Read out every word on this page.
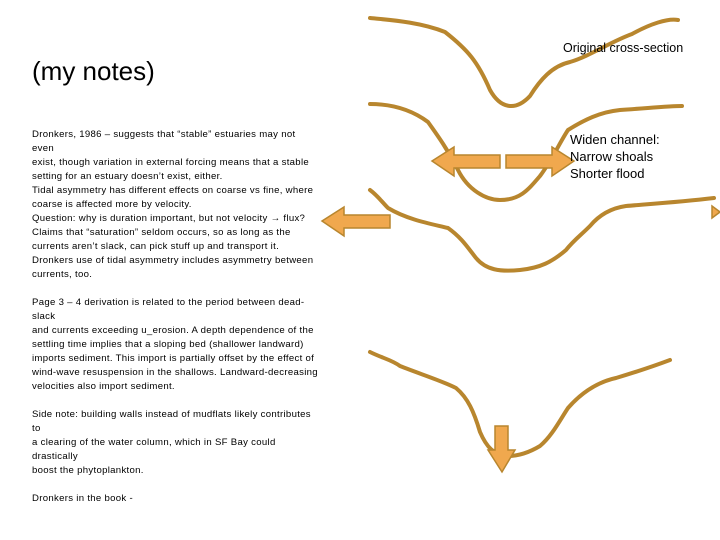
(my notes)

Dronkers, 1986 – suggests that “stable” estuaries may not even

exist, though variation in external forcing means that a stable

setting for an estuary doesn’t exist, either.

Tidal asymmetry has different effects on coarse vs fine, where

coarse is affected more by velocity.

Question: why is duration important, but not velocity → flux?

Claims that “saturation” seldom occurs, so as long as the

currents aren’t slack, can pick stuff up and transport it.

Dronkers use of tidal asymmetry includes asymmetry between

currents, too.

Page 3 – 4 derivation is related to the period between dead-slack

and currents exceeding u_erosion. A depth dependence of the

settling time implies that a sloping bed (shallower landward)

imports sediment. This import is partially offset by the effect of

wind-wave resuspension in the shallows. Landward-decreasing

velocities also import sediment.

Side note: building walls instead of mudflats likely contributes to

a clearing of the water column, which in SF Bay could drastically

boost the phytoplankton.

Dronkers in the book -

Original cross-section

Widen channel:
Narrow shoals
Shorter flood
